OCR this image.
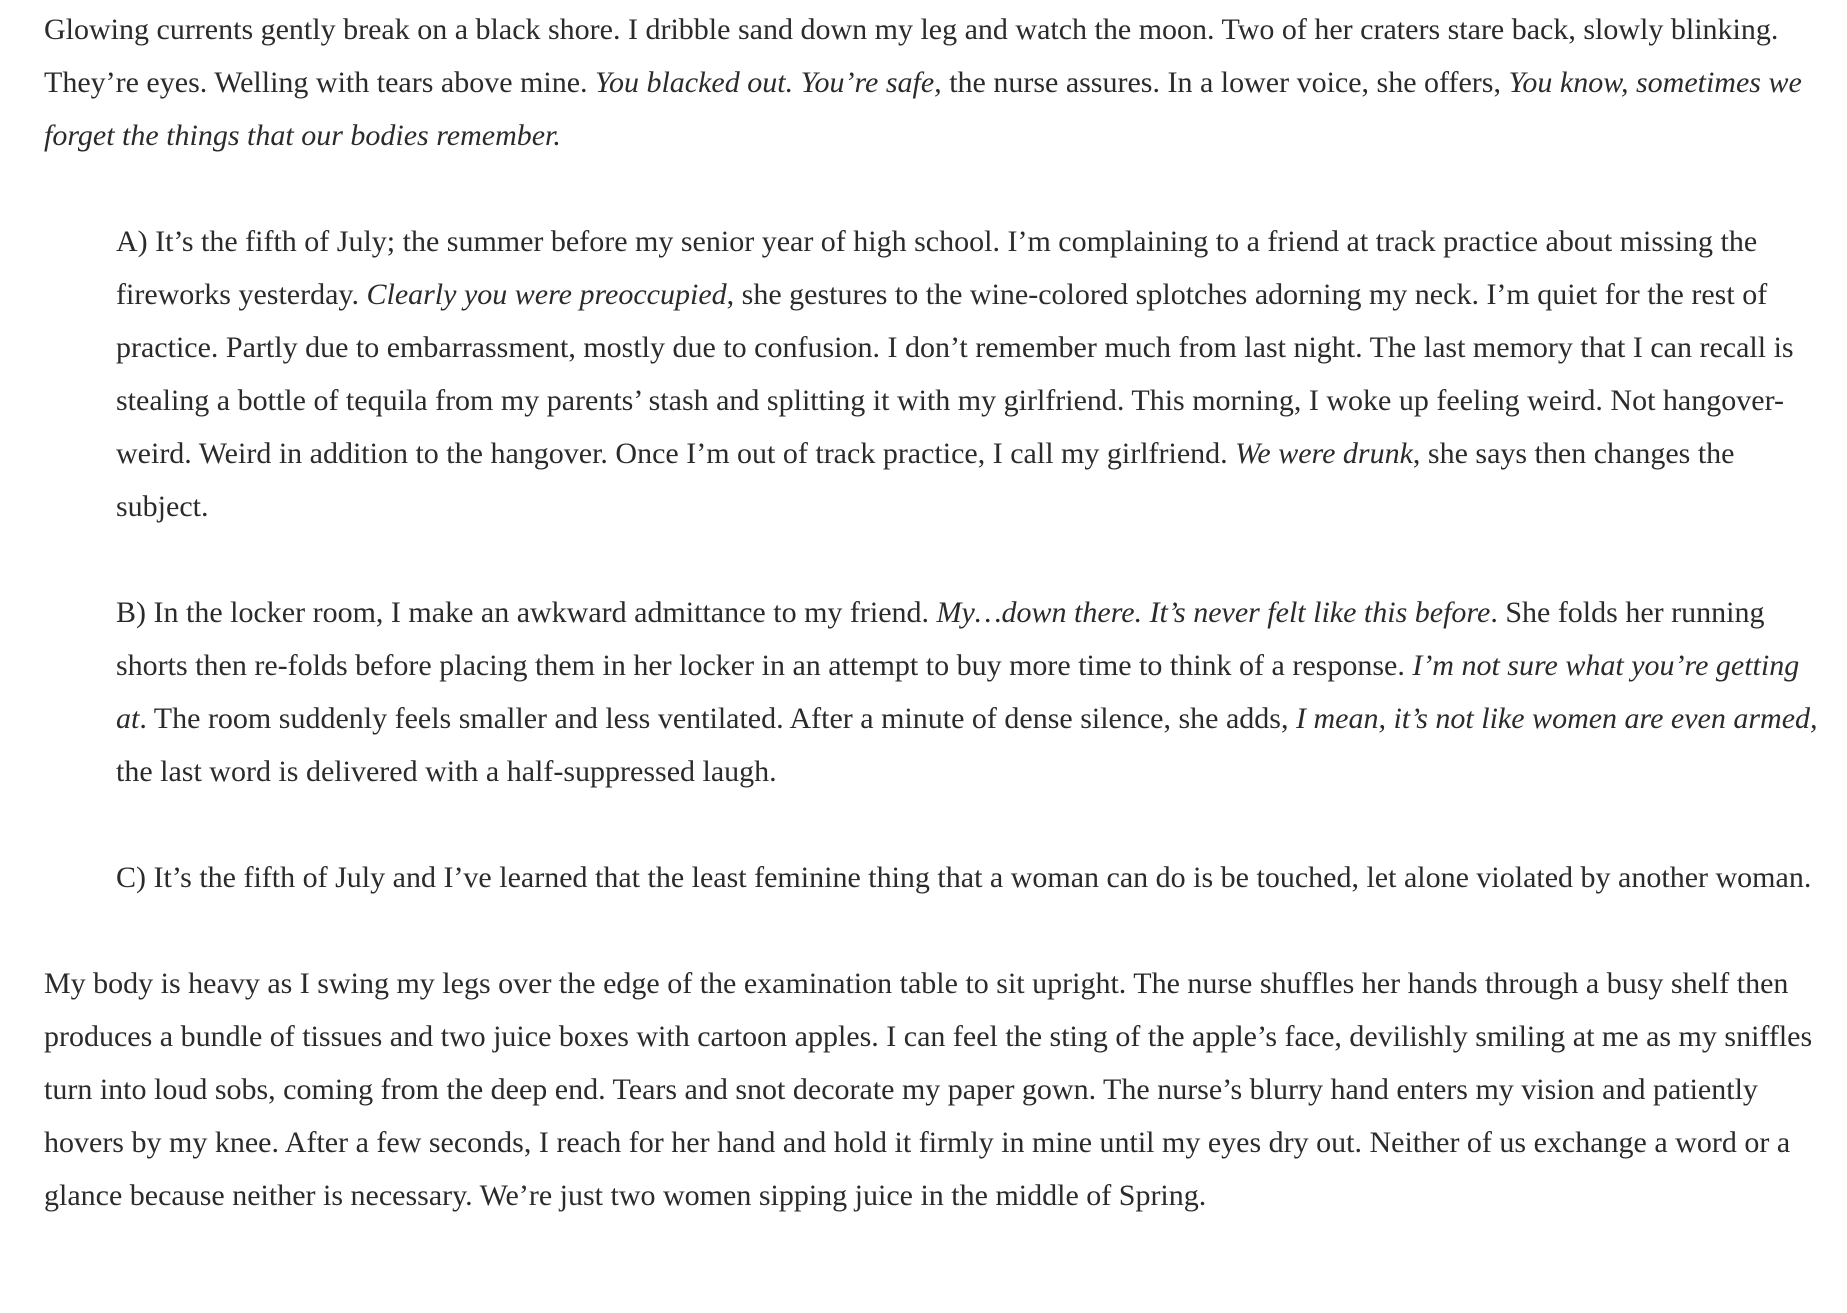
Glowing currents gently break on a black shore. I dribble sand down my leg and watch the moon. Two of her craters stare back, slowly blinking. They’re eyes. Welling with tears above mine. You blacked out. You’re safe, the nurse assures. In a lower voice, she offers, You know, sometimes we forget the things that our bodies remember.

A) It’s the fifth of July; the summer before my senior year of high school. I’m complaining to a friend at track practice about missing the fireworks yesterday. Clearly you were preoccupied, she gestures to the wine-colored splotches adorning my neck. I’m quiet for the rest of practice. Partly due to embarrassment, mostly due to confusion. I don’t remember much from last night. The last memory that I can recall is stealing a bottle of tequila from my parents’ stash and splitting it with my girlfriend. This morning, I woke up feeling weird. Not hangover-weird. Weird in addition to the hangover. Once I’m out of track practice, I call my girlfriend. We were drunk, she says then changes the subject.

B) In the locker room, I make an awkward admittance to my friend. My…down there. It’s never felt like this before. She folds her running shorts then re-folds before placing them in her locker in an attempt to buy more time to think of a response. I’m not sure what you’re getting at. The room suddenly feels smaller and less ventilated. After a minute of dense silence, she adds, I mean, it’s not like women are even armed, the last word is delivered with a half-suppressed laugh.

C) It’s the fifth of July and I’ve learned that the least feminine thing that a woman can do is be touched, let alone violated by another woman.

My body is heavy as I swing my legs over the edge of the examination table to sit upright. The nurse shuffles her hands through a busy shelf then produces a bundle of tissues and two juice boxes with cartoon apples. I can feel the sting of the apple’s face, devilishly smiling at me as my sniffles turn into loud sobs, coming from the deep end. Tears and snot decorate my paper gown. The nurse’s blurry hand enters my vision and patiently hovers by my knee. After a few seconds, I reach for her hand and hold it firmly in mine until my eyes dry out. Neither of us exchange a word or a glance because neither is necessary. We’re just two women sipping juice in the middle of Spring.
